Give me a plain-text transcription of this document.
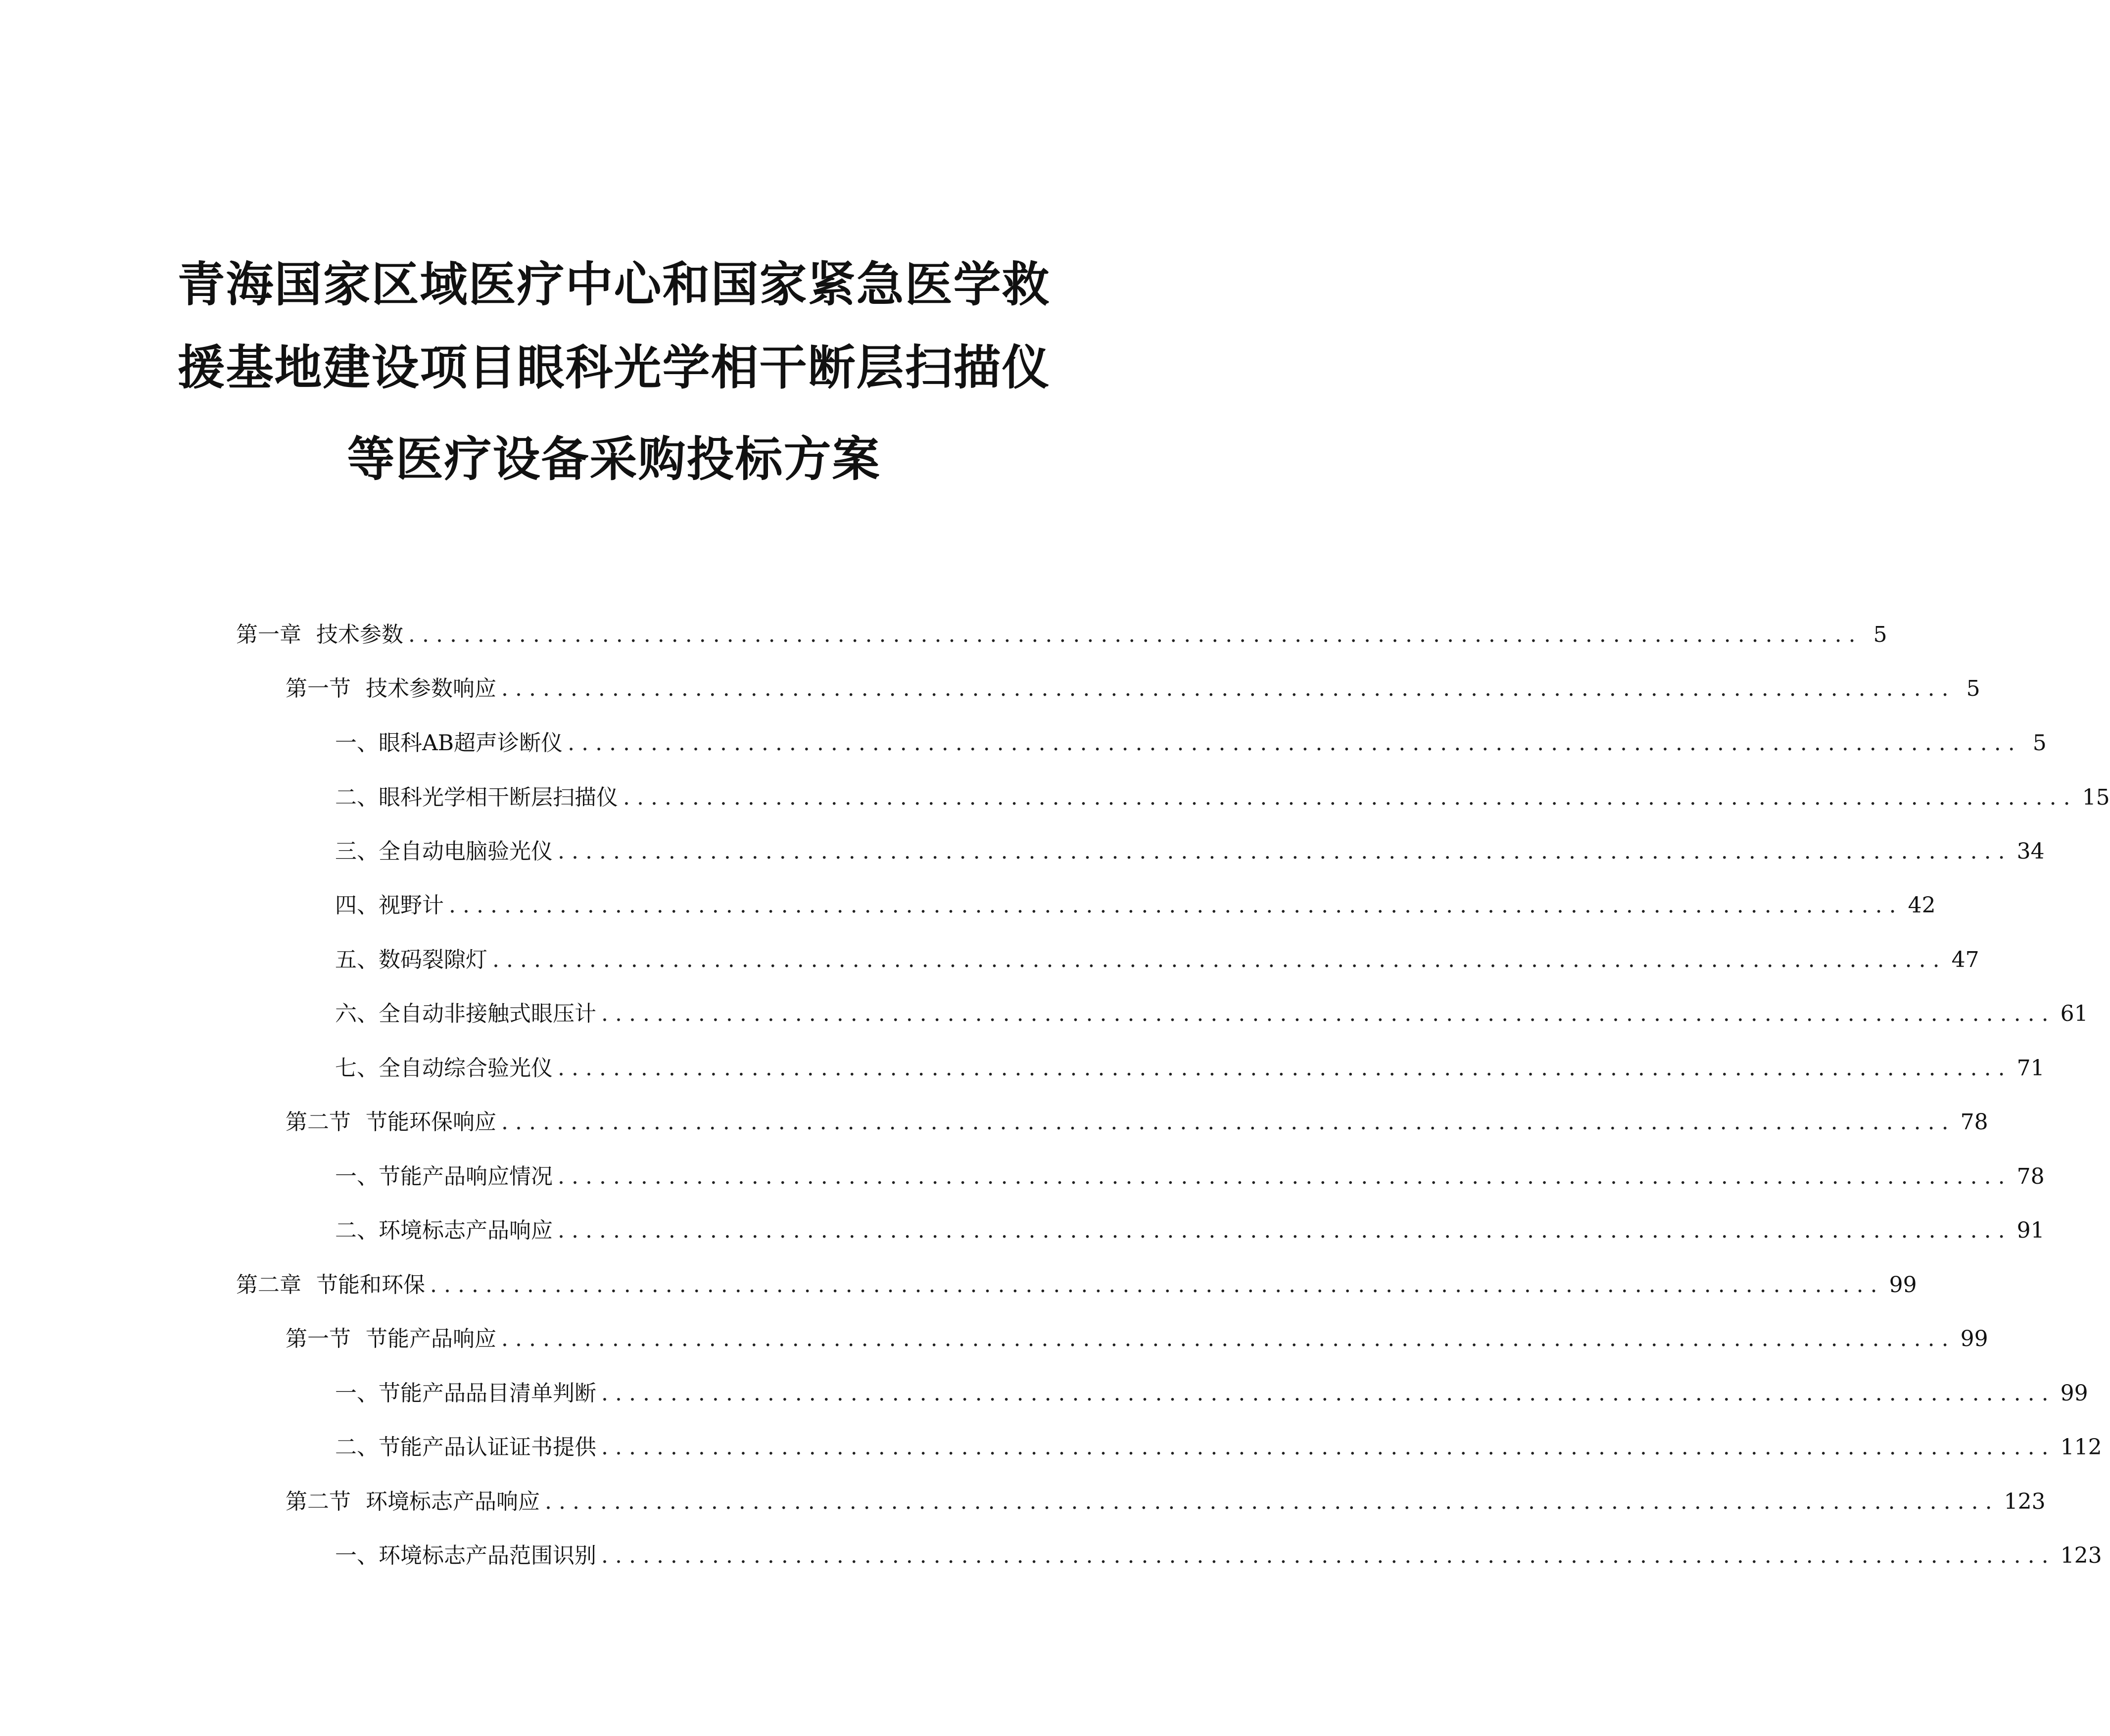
青海国家区域医疗中心和国家紧急医学救
援基地建设项目眼科光学相干断层扫描仪
等医疗设备采购投标方案
第一章 技术参数 ......................................................................................................... 5
第一节 技术参数响应 ......................................................................................................... 5
一、 眼科AB超声诊断仪 ......................................................................................................... 5
二、 眼科光学相干断层扫描仪 ......................................................................................................... 15
三、 全自动电脑验光仪 ......................................................................................................... 34
四、 视野计 ......................................................................................................... 42
五、 数码裂隙灯 ......................................................................................................... 47
六、 全自动非接触式眼压计 ......................................................................................................... 61
七、 全自动综合验光仪 ......................................................................................................... 71
第二节 节能环保响应 ......................................................................................................... 78
一、 节能产品响应情况 ......................................................................................................... 78
二、 环境标志产品响应 ......................................................................................................... 91
第二章 节能和环保 ......................................................................................................... 99
第一节 节能产品响应 ......................................................................................................... 99
一、 节能产品品目清单判断 ......................................................................................................... 99
二、 节能产品认证证书提供 ......................................................................................................... 112
第二节 环境标志产品响应 ......................................................................................................... 123
一、 环境标志产品范围识别 ......................................................................................................... 123
